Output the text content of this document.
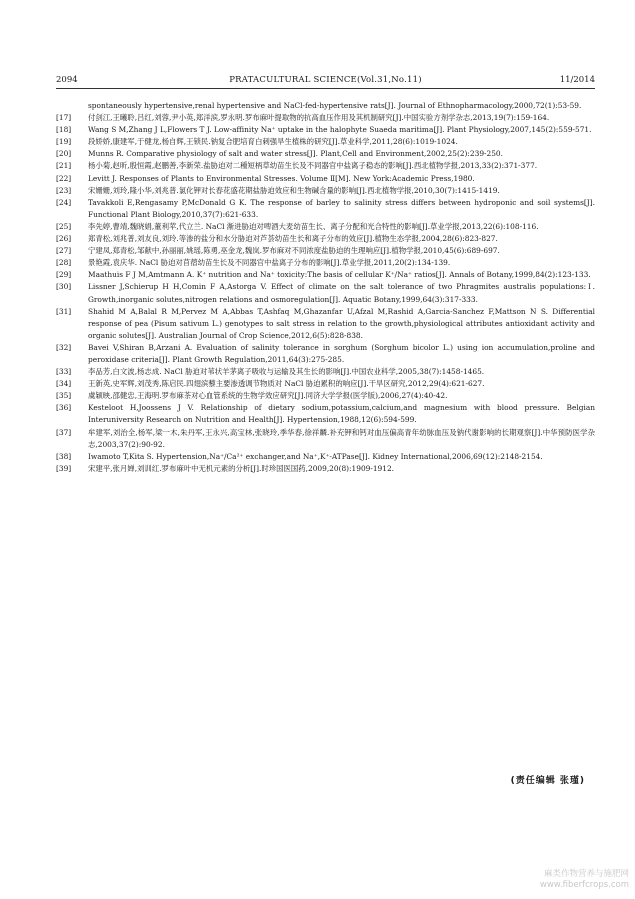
2094	PRATACULTURAL SCIENCE(Vol.31,No.11)	11/2014
spontaneously hypertensive,renal hypertensive and NaCl-fed-hypertensive rats[J]. Journal of Ethnopharmacology,2000,72(1):53-59.
[17]	付剑江,王曦聆,吕红,刘蓉,尹小英,郑洋滨,罗永明.罗布麻叶提取物的抗高血压作用及其机制研究[J].中国实验方剂学杂志,2013,19(7):159-164.
[18]	Wang S M,Zhang J L,Flowers T J. Low-affinity Na⁺ uptake in the halophyte Suaeda maritima[J]. Plant Physiology,2007,145(2):559-571.
[19]	段娇娇,康建军,于健龙,杨自辉,王锁民.钠复合肥培育白刺强旱生植株的研究[J].草业科学,2011,28(6):1019-1024.
[20]	Munns R. Comparative physiology of salt and water stress[J]. Plant,Cell and Environment,2002,25(2):239-250.
[21]	杨小菊,赵昕,殷恒霞,赵鹏善,李新荣.盐胁迫对二種短柄草幼苗生长及不同器官中盐离子稳态的影响[J].西北植物学报,2013,33(2):371-377.
[22]	Levitt J. Responses of Plants to Environmental Stresses. Volume Ⅱ[M]. New York:Academic Press,1980.
[23]	宋姗姗,刘玲,隆小华,刘兆普.氯化钾对长春花盛花期盐胁迫效应和生物碱含量的影响[J].西北植物学报,2010,30(7):1415-1419.
[24]	Tavakkoli E,Rengasamy P,McDonald G K. The response of barley to salinity stress differs between hydroponic and soil systems[J]. Functional Plant Biology,2010,37(7):621-633.
[25]	李先婷,曹靖,魏晓娟,董利苹,代立兰. NaCl 渐进胁迫对啤酒大麦幼苗生长、离子分配和光合特性的影响[J].草业学报,2013,22(6):108-116.
[26]	郑青松,刘兆普,刘友良,刘玲.等渗的盐分和水分胁迫对芦荟幼苗生长和离子分布的效应[J].植物生态学报,2004,28(6):823-827.
[27]	宁建凤,郑青松,邹献中,孙丽丽,姚瑶,陈勇,巫金龙,魏岚.罗布麻对不同浓度盐胁迫的生理响应[J].植物学报,2010,45(6):689-697.
[28]	景艳霞,袁庆华. NaCl 胁迫对苜蓿幼苗生长及不同器官中盐离子分布的影响[J].草业学报,2011,20(2):134-139.
[29]	Maathuis F J M,Amtmann A. K⁺ nutrition and Na⁺ toxicity:The basis of cellular K⁺/Na⁺ ratios[J]. Annals of Botany,1999,84(2):123-133.
[30]	Lissner J,Schierup H H,Comin F A,Astorga V. Effect of climate on the salt tolerance of two Phragmites australis populations:Ⅰ. Growth,inorganic solutes,nitrogen relations and osmoregulation[J]. Aquatic Botany,1999,64(3):317-333.
[31]	Shahid M A,Balal R M,Pervez M A,Abbas T,Ashfaq M,Ghazanfar U,Afzal M,Rashid A,Garcia-Sanchez F,Mattson N S. Differential response of pea (Pisum sativum L.) genotypes to salt stress in relation to the growth,physiological attributes antioxidant activity and organic solutes[J]. Australian Journal of Crop Science,2012,6(5):828-838.
[32]	Bavei V,Shiran B,Arzani A. Evaluation of salinity tolerance in sorghum (Sorghum bicolor L.) using ion accumulation,proline and peroxidase criteria[J]. Plant Growth Regulation,2011,64(3):275-285.
[33]	李品芳,白文波,杨志成. NaCl 胁迫对苇状羊茅离子吸收与运输及其生长的影响[J].中国农业科学,2005,38(7):1458-1465.
[34]	王新英,史军辉,刘茂秀,陈启民.四翅滨藜主要渗透调节物质对 NaCl 胁迫累积的响应[J].干旱区研究,2012,29(4):621-627.
[35]	虞颖映,邵健忠,王海明.罗布麻茶对心血管系统的生物学效应研究[J].同济大学学报(医学版),2006,27(4):40-42.
[36]	Kesteloot H,Joossens J V. Relationship of dietary sodium,potassium,calcium,and magnesium with blood pressure. Belgian Interuniversity Research on Nutrition and Health[J]. Hypertension,1988,12(6):594-599.
[37]	牟建军,刘治全,杨军,梁一木,朱丹军,王永兴,高宝林,张晓玲,季华春,徐祥麟.补充钾和钙对血压偏高青年幼脉血压及钠代谢影响的长期观察[J].中华预防医学杂志,2003,37(2):90-92.
[38]	Iwamoto T,Kita S. Hypertension,Na⁺/Ca²⁺ exchanger,and Na⁺,K⁺-ATPase[J]. Kidney International,2006,69(12):2148-2154.
[39]	宋建平,张月婵,刘训红.罗布麻叶中无机元素的分析[J].时珍国医国药,2009,20(8):1909-1912.
(责任编辑 张瑾)
麻类作物营养与施肥网
www.fiberfcrops.com
